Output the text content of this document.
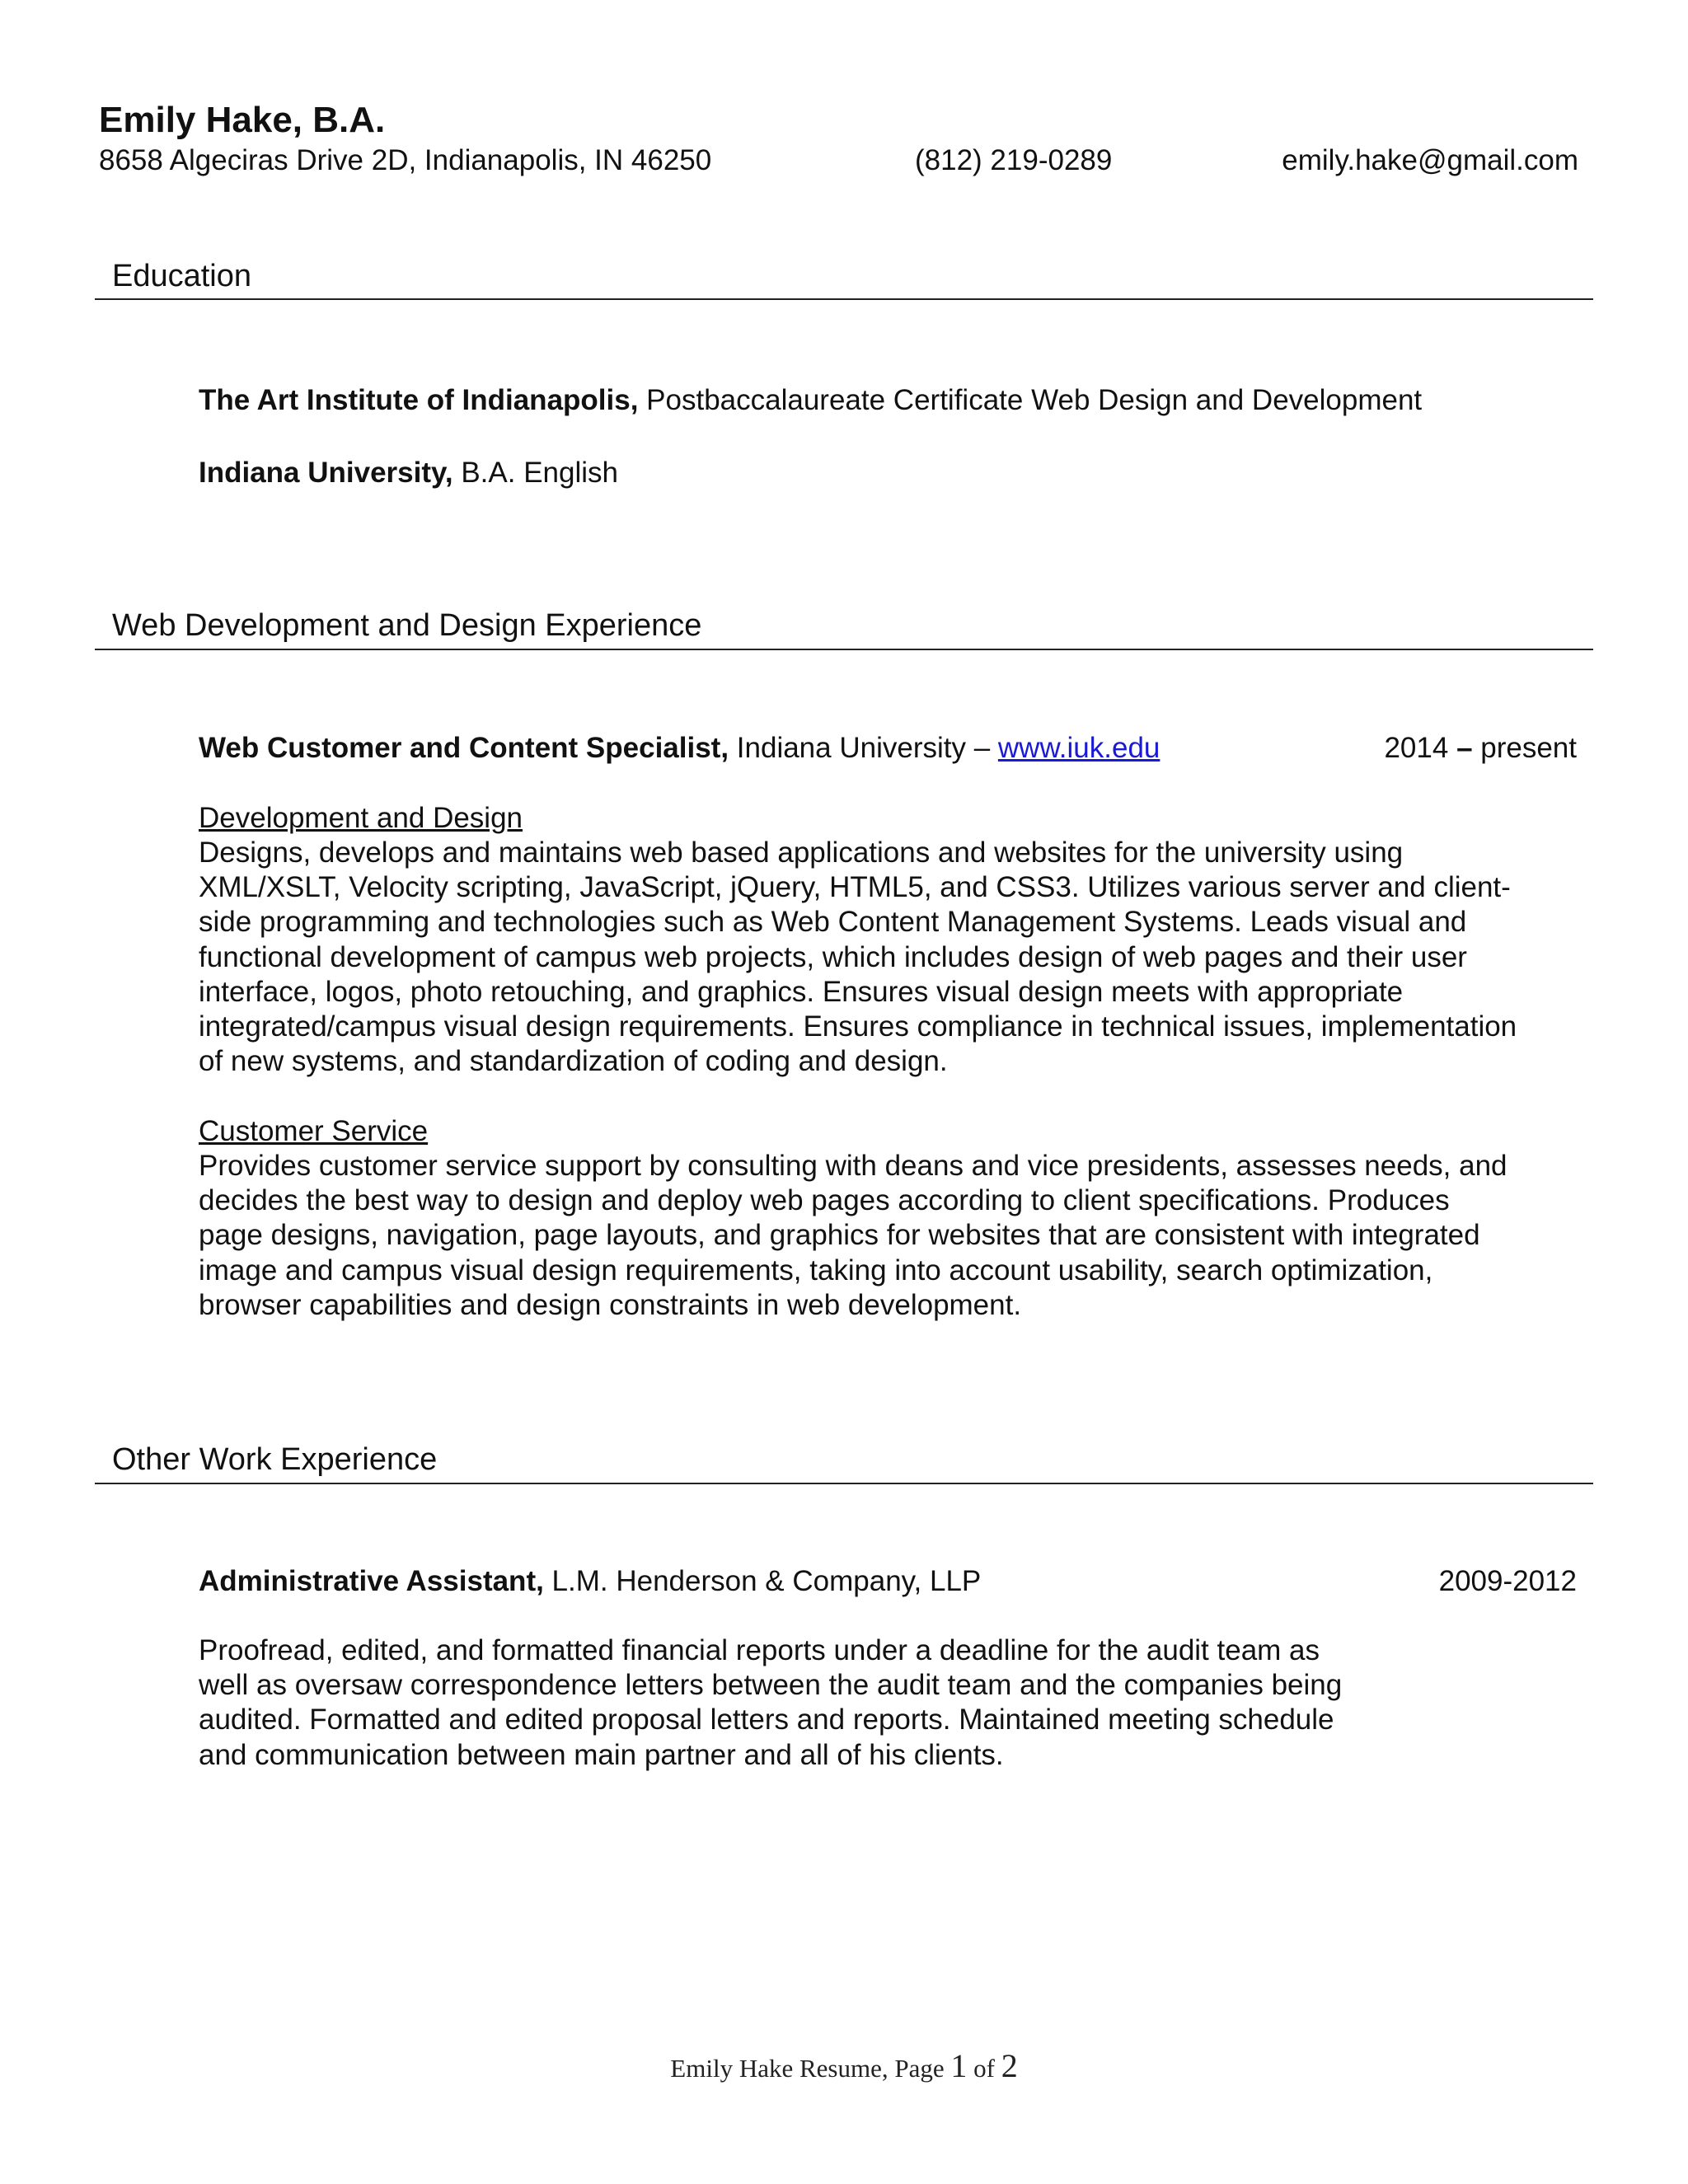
Emily Hake, B.A.
8658 Algeciras Drive 2D, Indianapolis, IN 46250	(812) 219-0289	emily.hake@gmail.com
Education
The Art Institute of Indianapolis, Postbaccalaureate Certificate Web Design and Development
Indiana University, B.A. English
Web Development and Design Experience
Web Customer and Content Specialist, Indiana University – www.iuk.edu	2014 – present
Development and Design
Designs, develops and maintains web based applications and websites for the university using
XML/XSLT, Velocity scripting, JavaScript, jQuery, HTML5, and CSS3. Utilizes various server and client-
side programming and technologies such as Web Content Management Systems. Leads visual and
functional development of campus web projects, which includes design of web pages and their user
interface, logos, photo retouching, and graphics. Ensures visual design meets with appropriate
integrated/campus visual design requirements. Ensures compliance in technical issues, implementation
of new systems, and standardization of coding and design.
Customer Service
Provides customer service support by consulting with deans and vice presidents, assesses needs, and
decides the best way to design and deploy web pages according to client specifications. Produces
page designs, navigation, page layouts, and graphics for websites that are consistent with integrated
image and campus visual design requirements, taking into account usability, search optimization,
browser capabilities and design constraints in web development.
Other Work Experience
Administrative Assistant, L.M. Henderson & Company, LLP	2009-2012
Proofread, edited, and formatted financial reports under a deadline for the audit team as
well as oversaw correspondence letters between the audit team and the companies being
audited. Formatted and edited proposal letters and reports. Maintained meeting schedule
and communication between main partner and all of his clients.
Emily Hake Resume, Page 1 of 2
